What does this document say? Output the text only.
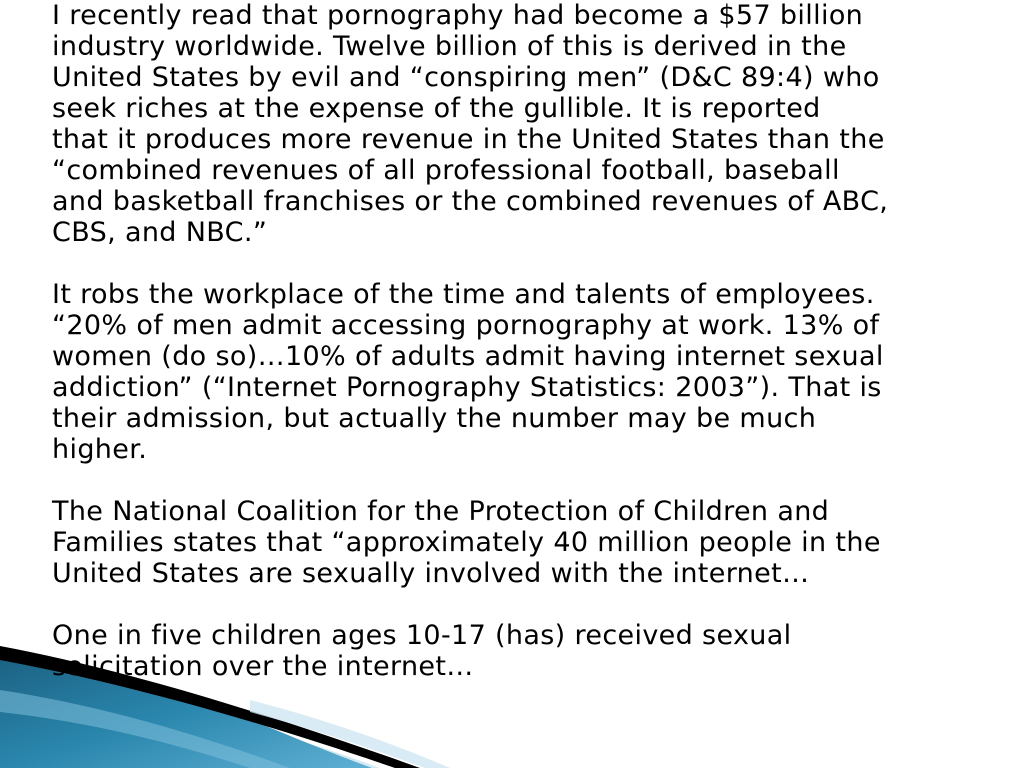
I recently read that pornography had become a $57 billion
industry worldwide. Twelve billion of this is derived in the
United States by evil and “conspiring men” (D&C 89:4) who
seek riches at the expense of the gullible. It is reported
that it produces more revenue in the United States than the
“combined revenues of all professional football, baseball
and basketball franchises or the combined revenues of ABC,
CBS, and NBC.”

It robs the workplace of the time and talents of employees.
“20% of men admit accessing pornography at work. 13% of
women (do so)…10% of adults admit having internet sexual
addiction” (“Internet Pornography Statistics: 2003”). That is
their admission, but actually the number may be much
higher.

The National Coalition for the Protection of Children and
Families states that “approximately 40 million people in the
United States are sexually involved with the internet…

One in five children ages 10-17 (has) received sexual
solicitation over the internet…
